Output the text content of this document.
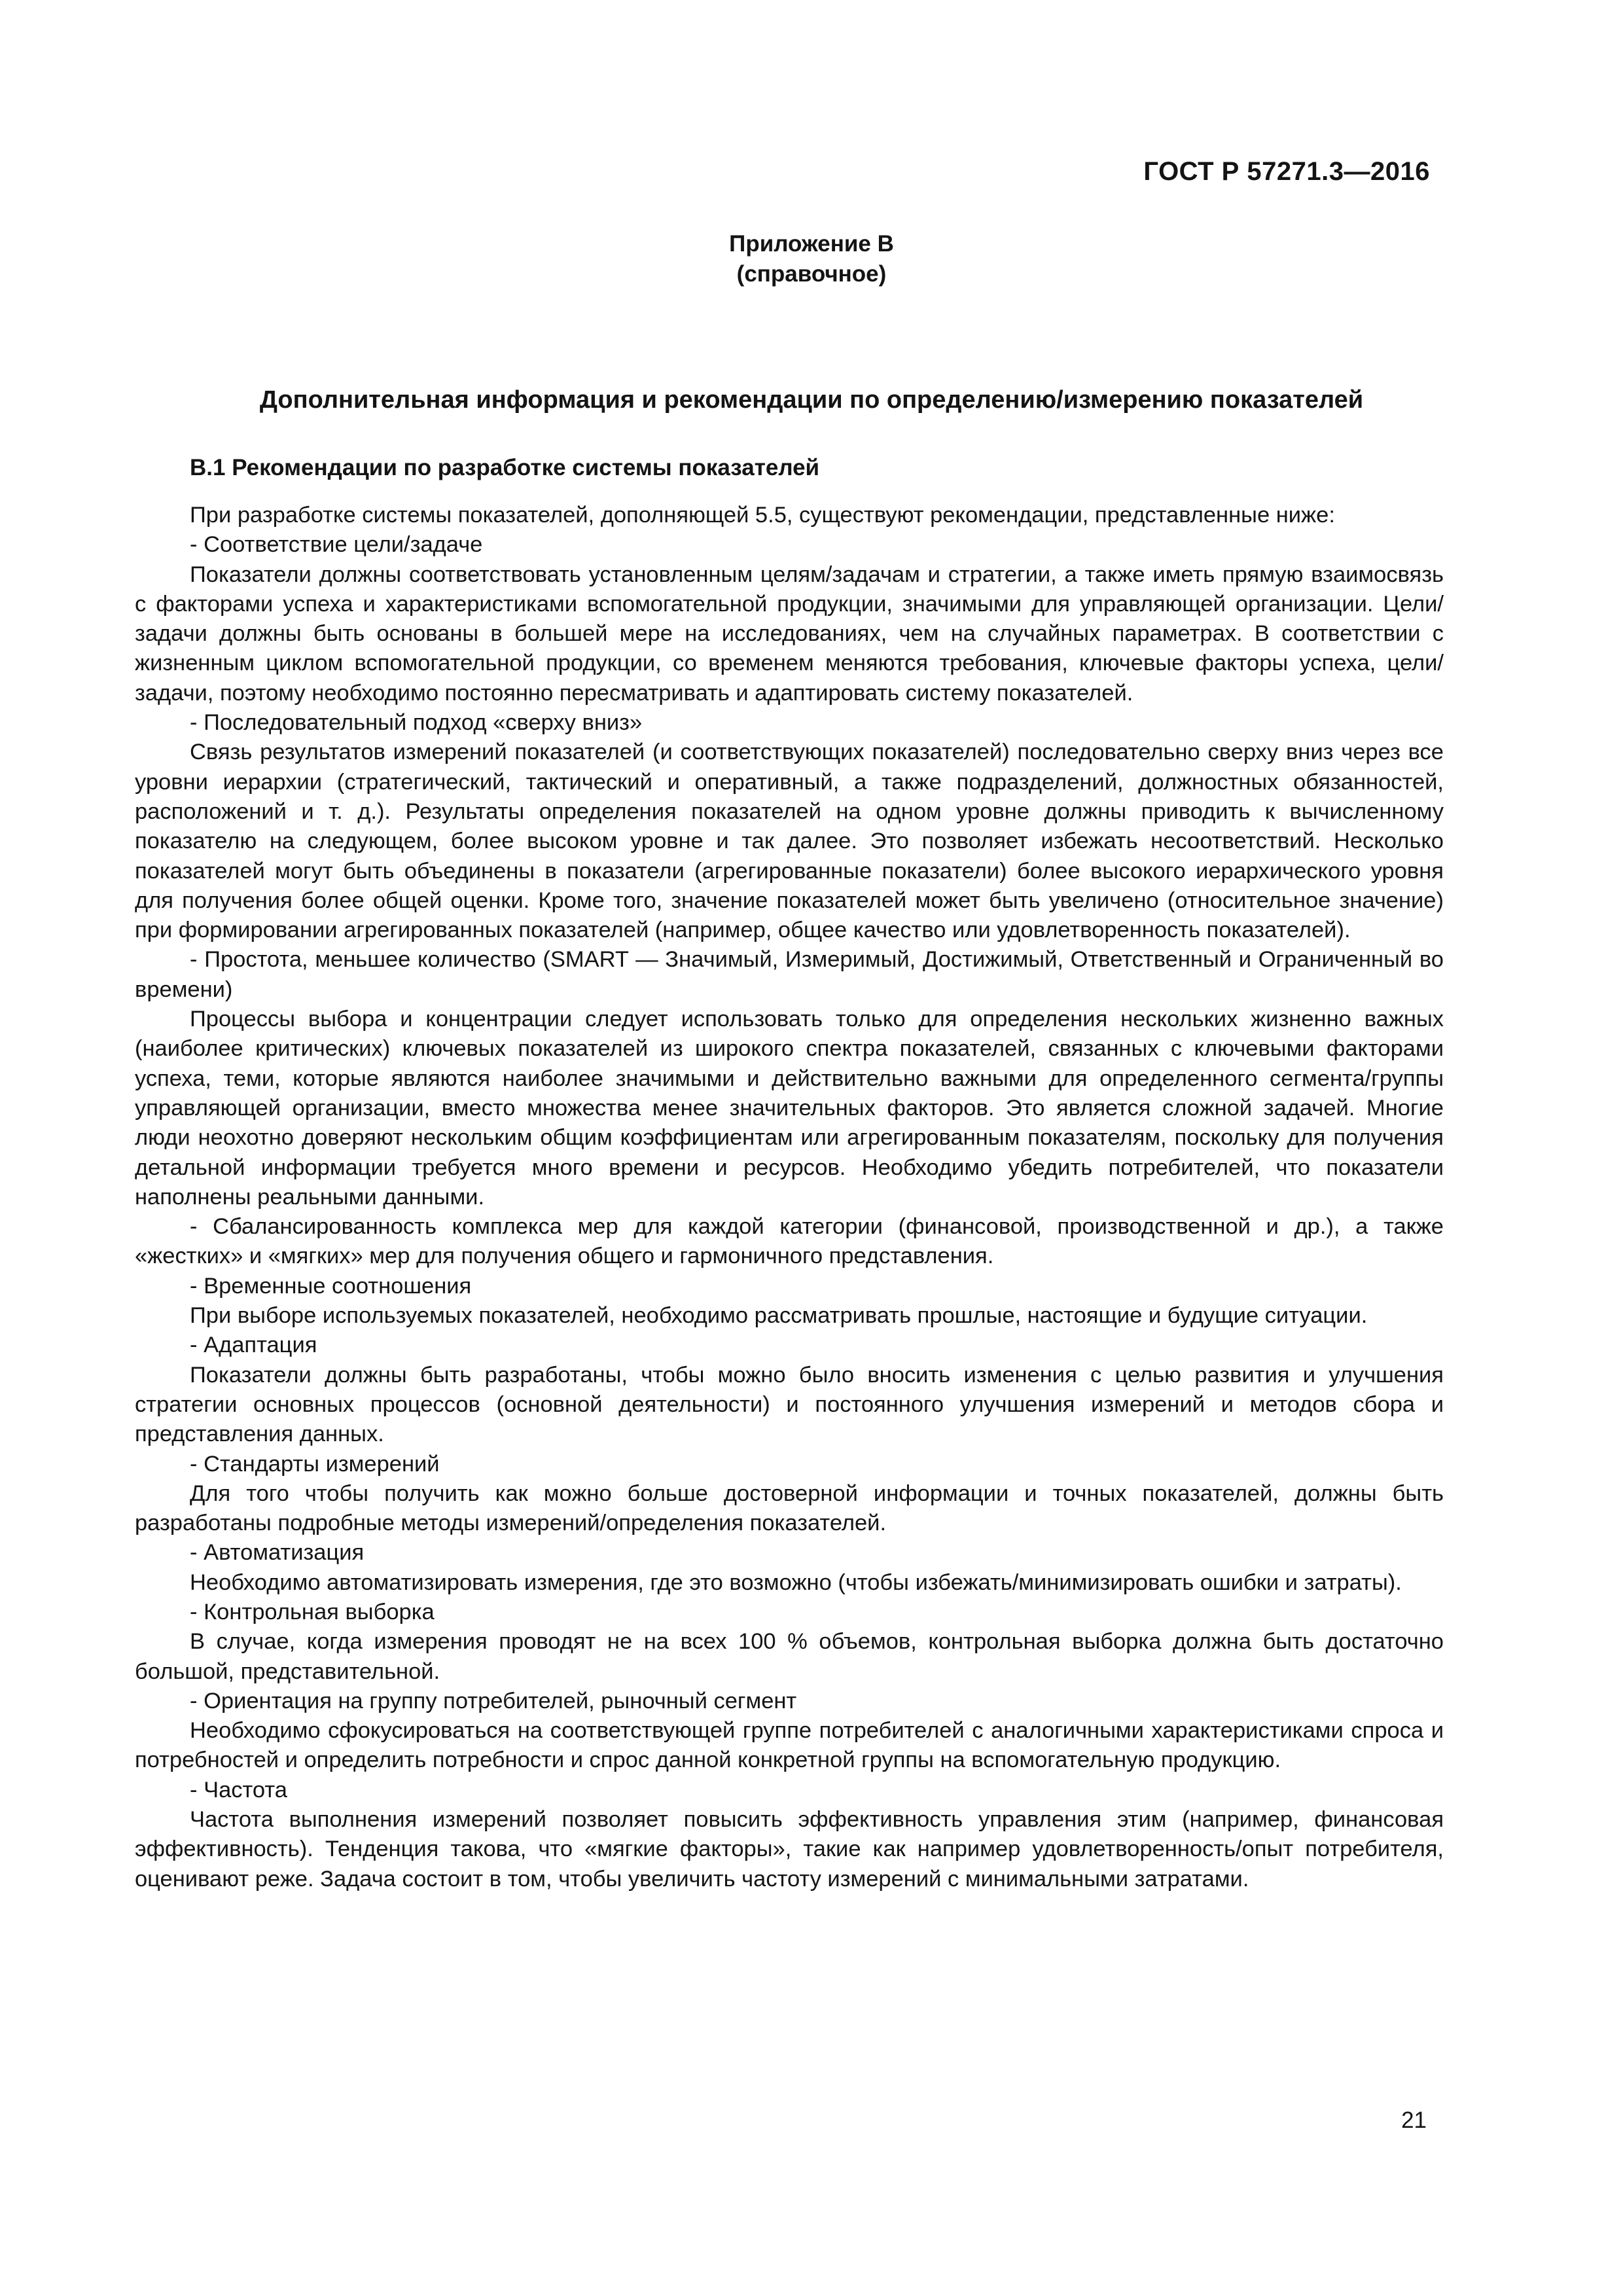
ГОСТ Р 57271.3—2016
Приложение В
(справочное)
Дополнительная информация и рекомендации по определению/измерению показателей
В.1 Рекомендации по разработке системы показателей

При разработке системы показателей, дополняющей 5.5, существуют рекомендации, представленные ниже:

- Соответствие цели/задаче

Показатели должны соответствовать установленным целям/задачам и стратегии, а также иметь прямую взаимосвязь с факторами успеха и характеристиками вспомогательной продукции, значимыми для управляющей организации. Цели/задачи должны быть основаны в большей мере на исследованиях, чем на случайных параметрах. В соответствии с жизненным циклом вспомогательной продукции, со временем меняются требования, ключевые факторы успеха, цели/задачи, поэтому необходимо постоянно пересматривать и адаптировать систему показателей.

- Последовательный подход «сверху вниз»

Связь результатов измерений показателей (и соответствующих показателей) последовательно сверху вниз через все уровни иерархии (стратегический, тактический и оперативный, а также подразделений, должностных обязанностей, расположений и т. д.). Результаты определения показателей на одном уровне должны приводить к вычисленному показателю на следующем, более высоком уровне и так далее. Это позволяет избежать несоответствий. Несколько показателей могут быть объединены в показатели (агрегированные показатели) более высокого иерархического уровня для получения более общей оценки. Кроме того, значение показателей может быть увеличено (относительное значение) при формировании агрегированных показателей (например, общее качество или удовлетворенность показателей).

- Простота, меньшее количество (SMART — Значимый, Измеримый, Достижимый, Ответственный и Ограниченный во времени)

Процессы выбора и концентрации следует использовать только для определения нескольких жизненно важных (наиболее критических) ключевых показателей из широкого спектра показателей, связанных с ключевыми факторами успеха, теми, которые являются наиболее значимыми и действительно важными для определенного сегмента/группы управляющей организации, вместо множества менее значительных факторов. Это является сложной задачей. Многие люди неохотно доверяют нескольким общим коэффициентам или агрегированным показателям, поскольку для получения детальной информации требуется много времени и ресурсов. Необходимо убедить потребителей, что показатели наполнены реальными данными.

- Сбалансированность комплекса мер для каждой категории (финансовой, производственной и др.), а также «жестких» и «мягких» мер для получения общего и гармоничного представления.

- Временные соотношения

При выборе используемых показателей, необходимо рассматривать прошлые, настоящие и будущие ситуации.

- Адаптация

Показатели должны быть разработаны, чтобы можно было вносить изменения с целью развития и улучшения стратегии основных процессов (основной деятельности) и постоянного улучшения измерений и методов сбора и представления данных.

- Стандарты измерений

Для того чтобы получить как можно больше достоверной информации и точных показателей, должны быть разработаны подробные методы измерений/определения показателей.

- Автоматизация

Необходимо автоматизировать измерения, где это возможно (чтобы избежать/минимизировать ошибки и затраты).

- Контрольная выборка

В случае, когда измерения проводят не на всех 100 % объемов, контрольная выборка должна быть достаточно большой, представительной.

- Ориентация на группу потребителей, рыночный сегмент

Необходимо сфокусироваться на соответствующей группе потребителей с аналогичными характеристиками спроса и потребностей и определить потребности и спрос данной конкретной группы на вспомогательную продукцию.

- Частота

Частота выполнения измерений позволяет повысить эффективность управления этим (например, финансовая эффективность). Тенденция такова, что «мягкие факторы», такие как например удовлетворенность/опыт потребителя, оценивают реже. Задача состоит в том, чтобы увеличить частоту измерений с минимальными затратами.

21
